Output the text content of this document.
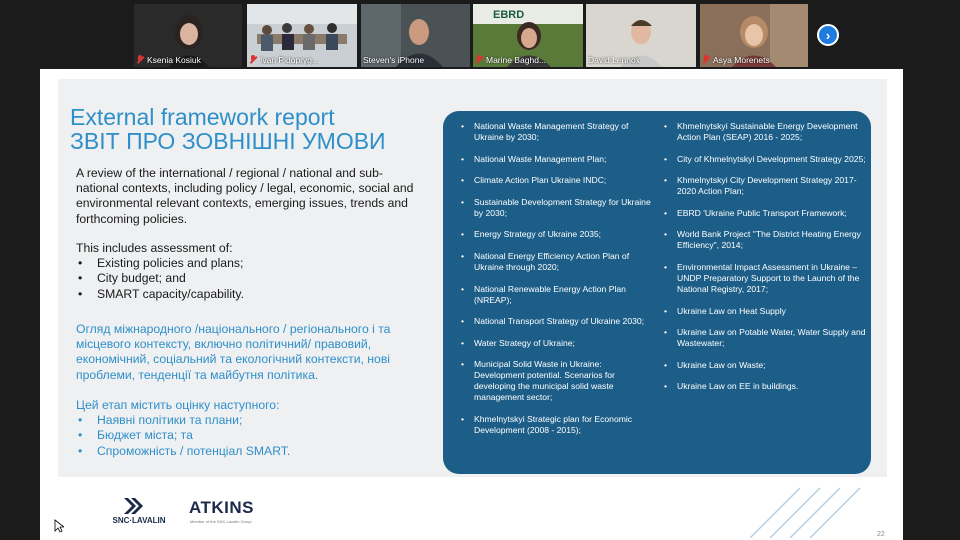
Ksenia Kosiuk	Ivan Pidopryg...	Steven's iPhone
EBRD
Marine Baghd...	David Lennox	Asya Morenets
›
External framework report
ЗВІТ ПРО ЗОВНІШНІ УМОВИ
A review of the international / regional / national and sub-national contexts, including policy / legal, economic, social and environmental relevant contexts, emerging issues, trends and forthcoming policies.
This includes assessment of:
• Existing policies and plans;
• City budget; and
• SMART capacity/capability.
Огляд міжнародного /національного / регіонального і та місцевого контексту, включно політичний/ правовий, економічний, соціальний та екологічний контексти, нові проблеми, тенденції та майбутня політика.
Цей етап містить оцінку наступного:
• Наявні політики та плани;
• Бюджет міста; та
• Спроможність / потенціал SMART.
• National Waste Management Strategy of Ukraine by 2030;
• National Waste Management Plan;
• Climate Action Plan Ukraine INDC;
• Sustainable Development Strategy for Ukraine by 2030;
• Energy Strategy of Ukraine 2035;
• National Energy Efficiency Action Plan of Ukraine through 2020;
• National Renewable Energy Action Plan (NREAP);
• National Transport Strategy of Ukraine 2030;
• Water Strategy of Ukraine;
• Municipal Solid Waste in Ukraine: Development potential. Scenarios for developing the municipal solid waste management sector;
• Khmelnytskyi Strategic plan for Economic Development (2008 - 2015);
• Khmelnytskyi Sustainable Energy Development Action Plan (SEAP) 2016 - 2025;
• City of Khmelnytskyi Development Strategy 2025;
• Khmelnytskyi City Development Strategy 2017-2020 Action Plan;
• EBRD 'Ukraine Public Transport Framework;
• World Bank Project "The District Heating Energy Efficiency", 2014;
• Environmental Impact Assessment in Ukraine – UNDP Preparatory Support to the Launch of the National Registry, 2017;
• Ukraine Law on Heat Supply
• Ukraine Law on Potable Water, Water Supply and Wastewater;
• Ukraine Law on Waste;
• Ukraine Law on EE in buildings.
SNC·LAVALIN
ATKINS
Member of the SNC-Lavalin Group
22
